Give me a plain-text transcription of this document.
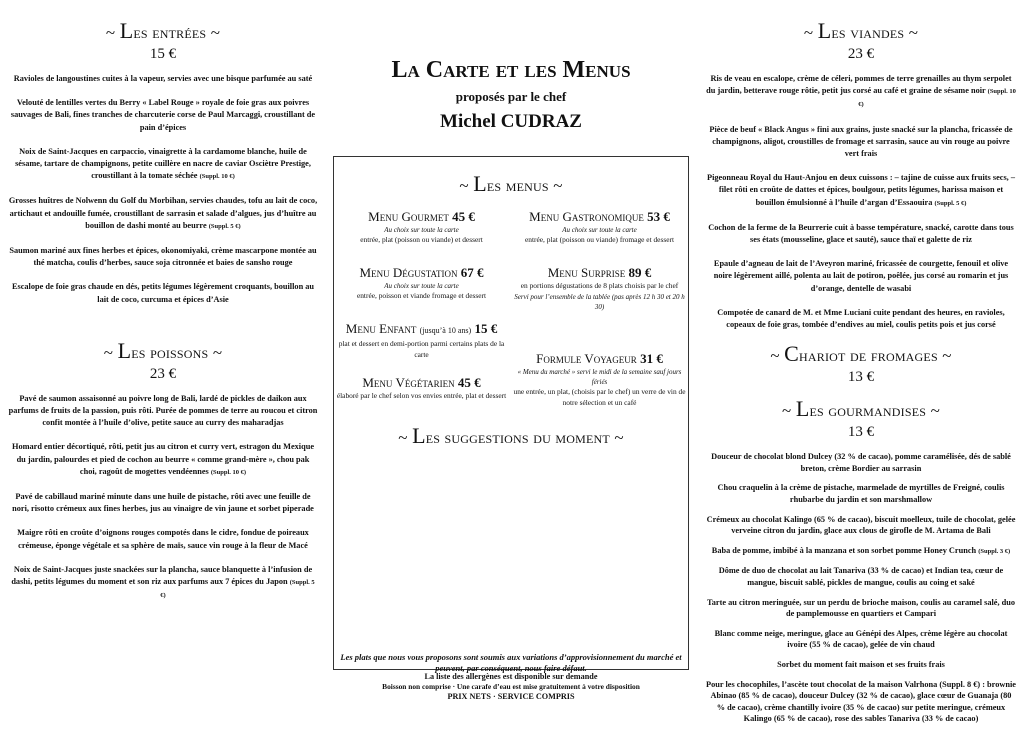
~ Les entrées ~

15 €

Ravioles de langoustines cuites à la vapeur, servies avec une bisque parfumée au saté

Velouté de lentilles vertes du Berry « Label Rouge » royale de foie gras aux poivres sauvages de Bali, fines tranches de charcuterie corse de Paul Marcaggi, croustillant de pain d’épices

Noix de Saint-Jacques en carpaccio, vinaigrette à la cardamome blanche, huile de sésame, tartare de champignons, petite cuillère en nacre de caviar Osciètre Prestige, croustillant à la tomate séchée (Suppl. 10 €)

Grosses huîtres de Nolwenn du Golf du Morbihan, servies chaudes, tofu au lait de coco, artichaut et andouille fumée, croustillant de sarrasin et salade d’algues, jus d’huître au bouillon de dashi monté au beurre (Suppl. 5 €)

Saumon mariné aux fines herbes et épices, okonomiyaki, crème mascarpone montée au thé matcha, coulis d’herbes, sauce soja citronnée et baies de sansho rouge

Escalope de foie gras chaude en dés, petits légumes légèrement croquants, bouillon au lait de coco, curcuma et épices d’Asie

~ Les poissons ~

23 €

Pavé de saumon assaisonné au poivre long de Bali, lardé de pickles de daikon aux parfums de fruits de la passion, puis rôti. Purée de pommes de terre au roucou et citron confit montée à l’huile d’olive, petite sauce au curry des maharadjas

Homard entier décortiqué, rôti, petit jus au citron et curry vert, estragon du Mexique du jardin, palourdes et pied de cochon au beurre « comme grand-mère », chou pak choi, ragoût de mogettes vendéennes (Suppl. 10 €)

Pavé de cabillaud mariné minute dans une huile de pistache, rôti avec une feuille de nori, risotto crémeux aux fines herbes, jus au vinaigre de vin jaune et sorbet piperade

Maigre rôti en croûte d’oignons rouges compotés dans le cidre, fondue de poireaux crémeuse, éponge végétale et sa sphère de maïs, sauce vin rouge à la fleur de Macé

Noix de Saint-Jacques juste snackées sur la plancha, sauce blanquette à l’infusion de dashi, petits légumes du moment et son riz aux parfums aux 7 épices du Japon (Suppl. 5 €)

La Carte et les Menus

proposés par le chef

Michel CUDRAZ

~ Les menus ~

Menu Gourmet 45 €

Au choix sur toute la carte

entrée, plat (poisson ou viande) et dessert

Menu Gastronomique 53 €

Au choix sur toute la carte

entrée, plat (poisson ou viande) fromage et dessert

Menu Dégustation 67 €

Au choix sur toute la carte

entrée, poisson et viande fromage et dessert

Menu Surprise 89 €

en portions dégustations de 8 plats choisis par le chef

Servi pour l’ensemble de la tablée (pas après 12 h 30 et 20 h 30)

Menu Enfant (jusqu’à 10 ans) 15 €

plat et dessert en demi-portion parmi certains plats de la carte	Formule Voyageur 31 €

« Menu du marché » servi le midi de la semaine sauf jours fériés

une entrée, un plat, (choisis par le chef) un verre de vin de notre sélection et un café

Menu Végétarien 45 €

élaboré par le chef selon vos envies entrée, plat et dessert

~ Les suggestions du moment ~

Les plats que nous vous proposons sont soumis aux variations d’approvisionnement du marché et peuvent, par conséquent, nous faire défaut.

La liste des allergènes est disponible sur demande
Boisson non comprise · Une carafe d’eau est mise gratuitement à votre disposition
PRIX NETS · SERVICE COMPRIS

~ Les viandes ~

23 €

Ris de veau en escalope, crème de céleri, pommes de terre grenailles au thym serpolet du jardin, betterave rouge rôtie, petit jus corsé au café et graine de sésame noir (Suppl. 10 €)

Pièce de beuf « Black Angus » fini aux grains, juste snacké sur la plancha, fricassée de champignons, aligot, croustilles de fromage et sarrasin, sauce au vin rouge au poivre vert frais

Pigeonneau Royal du Haut-Anjou en deux cuissons : – tajine de cuisse aux fruits secs, – filet rôti en croûte de dattes et épices, boulgour, petits légumes, harissa maison et bouillon émulsionné à l’huile d’argan d’Essaouira (Suppl. 5 €)

Cochon de la ferme de la Beurrerie cuit à basse température, snacké, carotte dans tous ses états (mousseline, glace et sauté), sauce thaï et galette de riz

Epaule d’agneau de lait de l’Aveyron mariné, fricassée de courgette, fenouil et olive noire légèrement aillé, polenta au lait de potiron, poêlée, jus corsé au romarin et jus d’orange, dentelle de wasabi

Compotée de canard de M. et Mme Luciani cuite pendant des heures, en ravioles, copeaux de foie gras, tombée d’endives au miel, coulis petits pois et jus corsé

~ Chariot de fromages ~

13 €

~ Les gourmandises ~

13 €

Douceur de chocolat blond Dulcey (32 % de cacao), pomme caramélisée, dés de sablé breton, crème Bordier au sarrasin

Chou craquelin à la crème de pistache, marmelade de myrtilles de Freigné, coulis rhubarbe du jardin et son marshmallow

Crémeux au chocolat Kalingo (65 % de cacao), biscuit moelleux, tuile de chocolat, gelée verveine citron du jardin, glace aux clous de girofle de M. Artama de Bali

Baba de pomme, imbibé à la manzana et son sorbet pomme Honey Crunch (Suppl. 3 €)

Dôme de duo de chocolat au lait Tanariva (33 % de cacao) et Indian tea, cœur de mangue, biscuit sablé, pickles de mangue, coulis au coing et saké

Tarte au citron meringuée, sur un perdu de brioche maison, coulis au caramel salé, duo de pamplemousse en quartiers et Campari

Blanc comme neige, meringue, glace au Génépi des Alpes, crème légère au chocolat ivoire (55 % de cacao), gelée de vin chaud

Sorbet du moment fait maison et ses fruits frais

Pour les chocophiles, l’ascète tout chocolat de la maison Valrhona (Suppl. 8 €) : brownie Abinao (85 % de cacao), douceur Dulcey (32 % de cacao), glace cœur de Guanaja (80 % de cacao), crème chantilly ivoire (35 % de cacao) sur petite meringue, crémeux Kalingo (65 % de cacao), rose des sables Tanariva (33 % de cacao)
